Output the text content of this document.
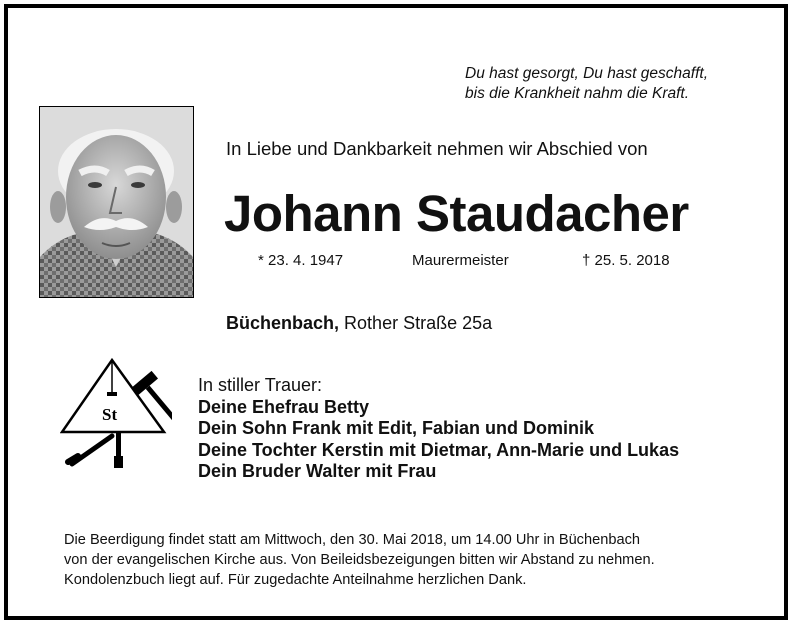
Du hast gesorgt, Du hast geschafft,
bis die Krankheit nahm die Kraft.
In Liebe und Dankbarkeit nehmen wir Abschied von
Johann Staudacher
* 23. 4. 1947	Maurermeister	† 25. 5. 2018
Büchenbach, Rother Straße 25a
St
In stiller Trauer:
Deine Ehefrau Betty
Dein Sohn Frank mit Edit, Fabian und Dominik
Deine Tochter Kerstin mit Dietmar, Ann-Marie und Lukas
Dein Bruder Walter mit Frau
Die Beerdigung findet statt am Mittwoch, den 30. Mai 2018, um 14.00 Uhr in Büchenbach
von der evangelischen Kirche aus. Von Beileidsbezeigungen bitten wir Abstand zu nehmen.
Kondolenzbuch liegt auf. Für zugedachte Anteilnahme herzlichen Dank.
